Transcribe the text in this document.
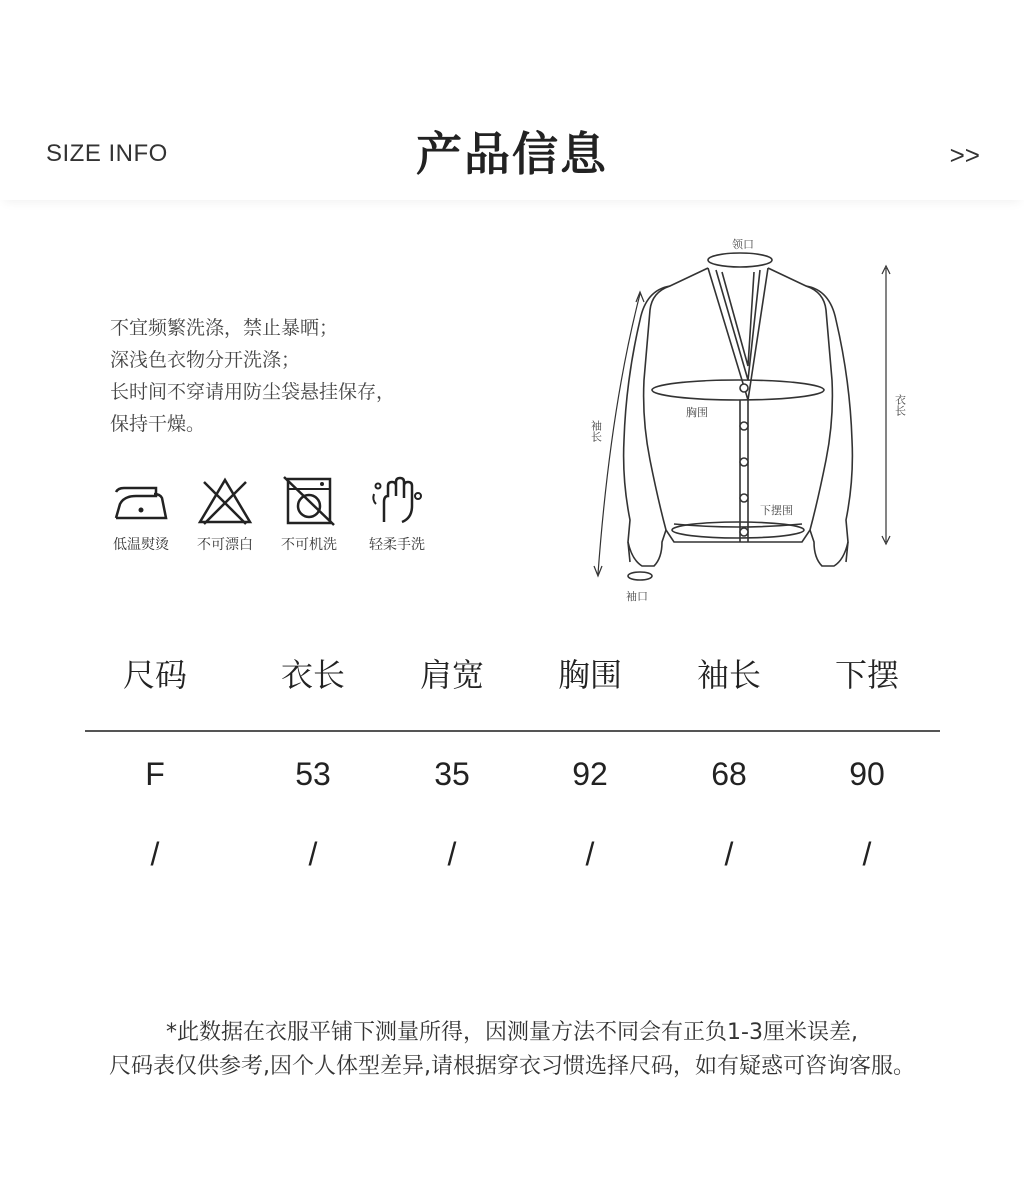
SIZE INFO	产品信息	>>
不宜频繁洗涤，禁止暴晒；
深浅色衣物分开洗涤；
长时间不穿请用防尘袋悬挂保存，
保持干燥。
低温熨烫	不可漂白	不可机洗	轻柔手洗
领口
胸围
下摆围
袖口
袖长
衣长
尺码	衣长	肩宽	胸围	袖长	下摆
F	53	35	92	68	90
/	/	/	/	/	/
*此数据在衣服平铺下测量所得，因测量方法不同会有正负1-3厘米误差,
尺码表仅供参考,因个人体型差异,请根据穿衣习惯选择尺码，如有疑惑可咨询客服。
